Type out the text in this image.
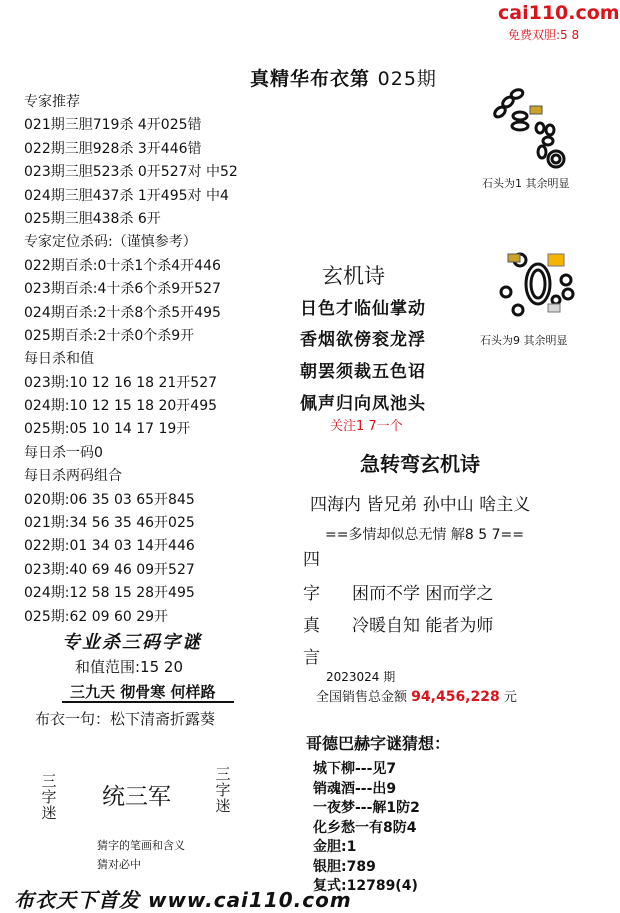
cai110.com
免费双胆:5 8
真精华布衣第 025期
专家推荐
021期三胆719杀 4开025错
022期三胆928杀 3开446错
023期三胆523杀 0开527对 中52
024期三胆437杀 1开495对 中4
025期三胆438杀 6开
专家定位杀码:（谨慎参考）
022期百杀:0十杀1个杀4开446
023期百杀:4十杀6个杀9开527
024期百杀:2十杀8个杀5开495
025期百杀:2十杀0个杀9开
每日杀和值
023期:10 12 16 18 21开527
024期:10 12 15 18 20开495
025期:05 10 14 17 19开
每日杀一码0
每日杀两码组合
020期:06 35 03 65开845
021期:34 56 35 46开025
022期:01 34 03 14开446
023期:40 69 46 09开527
024期:12 58 15 28开495
025期:62 09 60 29开
专业杀三码字谜
和值范围:15 20
三九天 彻骨寒 何样路
布衣一句：松下清斋折露葵
三字迷
三字迷
统三军
猜字的笔画和含义
猜对必中
布衣天下首发 www.cai110.com
石头为1 其余明显
石头为9 其余明显
玄机诗
日色才临仙掌动
香烟欲傍衮龙浮
朝罢须裁五色诏
佩声归向凤池头
关注1 7一个
急转弯玄机诗
四海内 皆兄弟 孙中山 啥主义
==多情却似总无情 解8 5 7==
四
字
真
言
困而不学 困而学之
冷暖自知 能者为师
2023024 期
全国销售总金额 94,456,228 元
哥德巴赫字谜猜想：
城下柳---见7
销魂酒---出9
一夜梦---解1防2
化乡愁一有8防4
金胆:1
银胆:789
复式:12789(4)
